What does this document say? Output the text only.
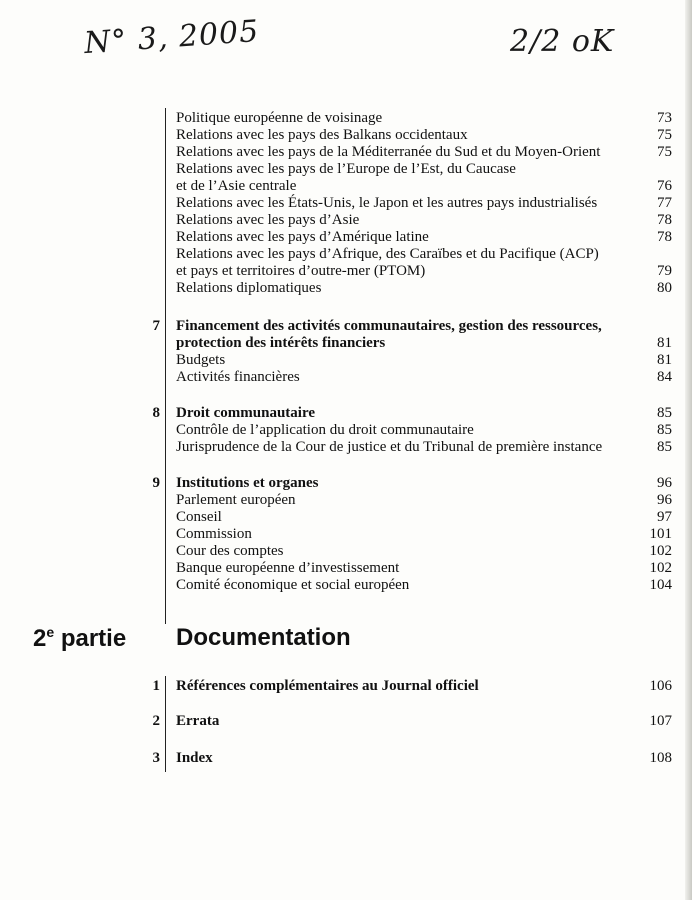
N° 3, 2005	2/2 oK
Politique européenne de voisinage	73
Relations avec les pays des Balkans occidentaux	75
Relations avec les pays de la Méditerranée du Sud et du Moyen-Orient	75
Relations avec les pays de l’Europe de l’Est, du Caucase
et de l’Asie centrale	76
Relations avec les États-Unis, le Japon et les autres pays industrialisés	77
Relations avec les pays d’Asie	78
Relations avec les pays d’Amérique latine	78
Relations avec les pays d’Afrique, des Caraïbes et du Pacifique (ACP)
et pays et territoires d’outre-mer (PTOM)	79
Relations diplomatiques	80
7 Financement des activités communautaires, gestion des ressources,
protection des intérêts financiers	81
Budgets	81
Activités financières	84
8 Droit communautaire	85
Contrôle de l’application du droit communautaire	85
Jurisprudence de la Cour de justice et du Tribunal de première instance	85
9 Institutions et organes	96
Parlement européen	96
Conseil	97
Commission	101
Cour des comptes	102
Banque européenne d’investissement	102
Comité économique et social européen	104
2e partie Documentation
1 Références complémentaires au Journal officiel	106
2 Errata	107
3 Index	108
